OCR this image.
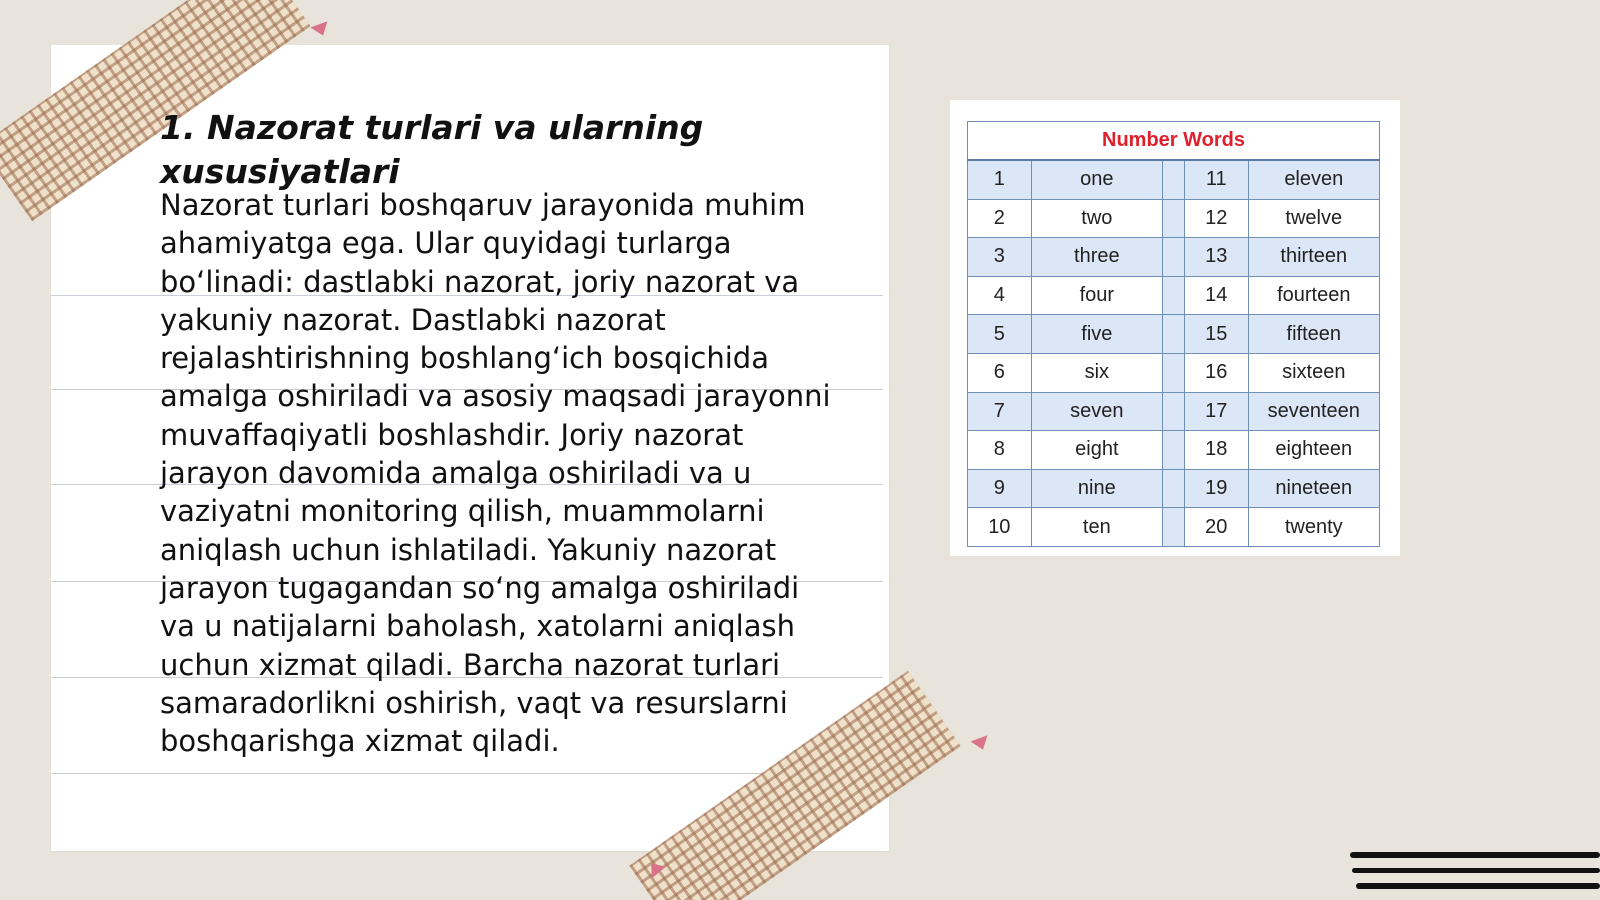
1. Nazorat turlari va ularning xususiyatlari

Nazorat turlari boshqaruv jarayonida muhim ahamiyatga ega. Ular quyidagi turlarga bo‘linadi: dastlabki nazorat, joriy nazorat va yakuniy nazorat. Dastlabki nazorat rejalashtirishning boshlang‘ich bosqichida amalga oshiriladi va asosiy maqsadi jarayonni muvaffaqiyatli boshlashdir. Joriy nazorat jarayon davomida amalga oshiriladi va u vaziyatni monitoring qilish, muammolarni aniqlash uchun ishlatiladi. Yakuniy nazorat jarayon tugagandan so‘ng amalga oshiriladi va u natijalarni baholash, xatolarni aniqlash uchun xizmat qiladi. Barcha nazorat turlari samaradorlikni oshirish, vaqt va resurslarni boshqarishga xizmat qiladi.

Number Words				
1	one		11	eleven
2	two		12	twelve
3	three		13	thirteen
4	four		14	fourteen
5	five		15	fifteen
6	six		16	sixteen
7	seven		17	seventeen
8	eight		18	eighteen
9	nine		19	nineteen
10	ten		20	twenty
